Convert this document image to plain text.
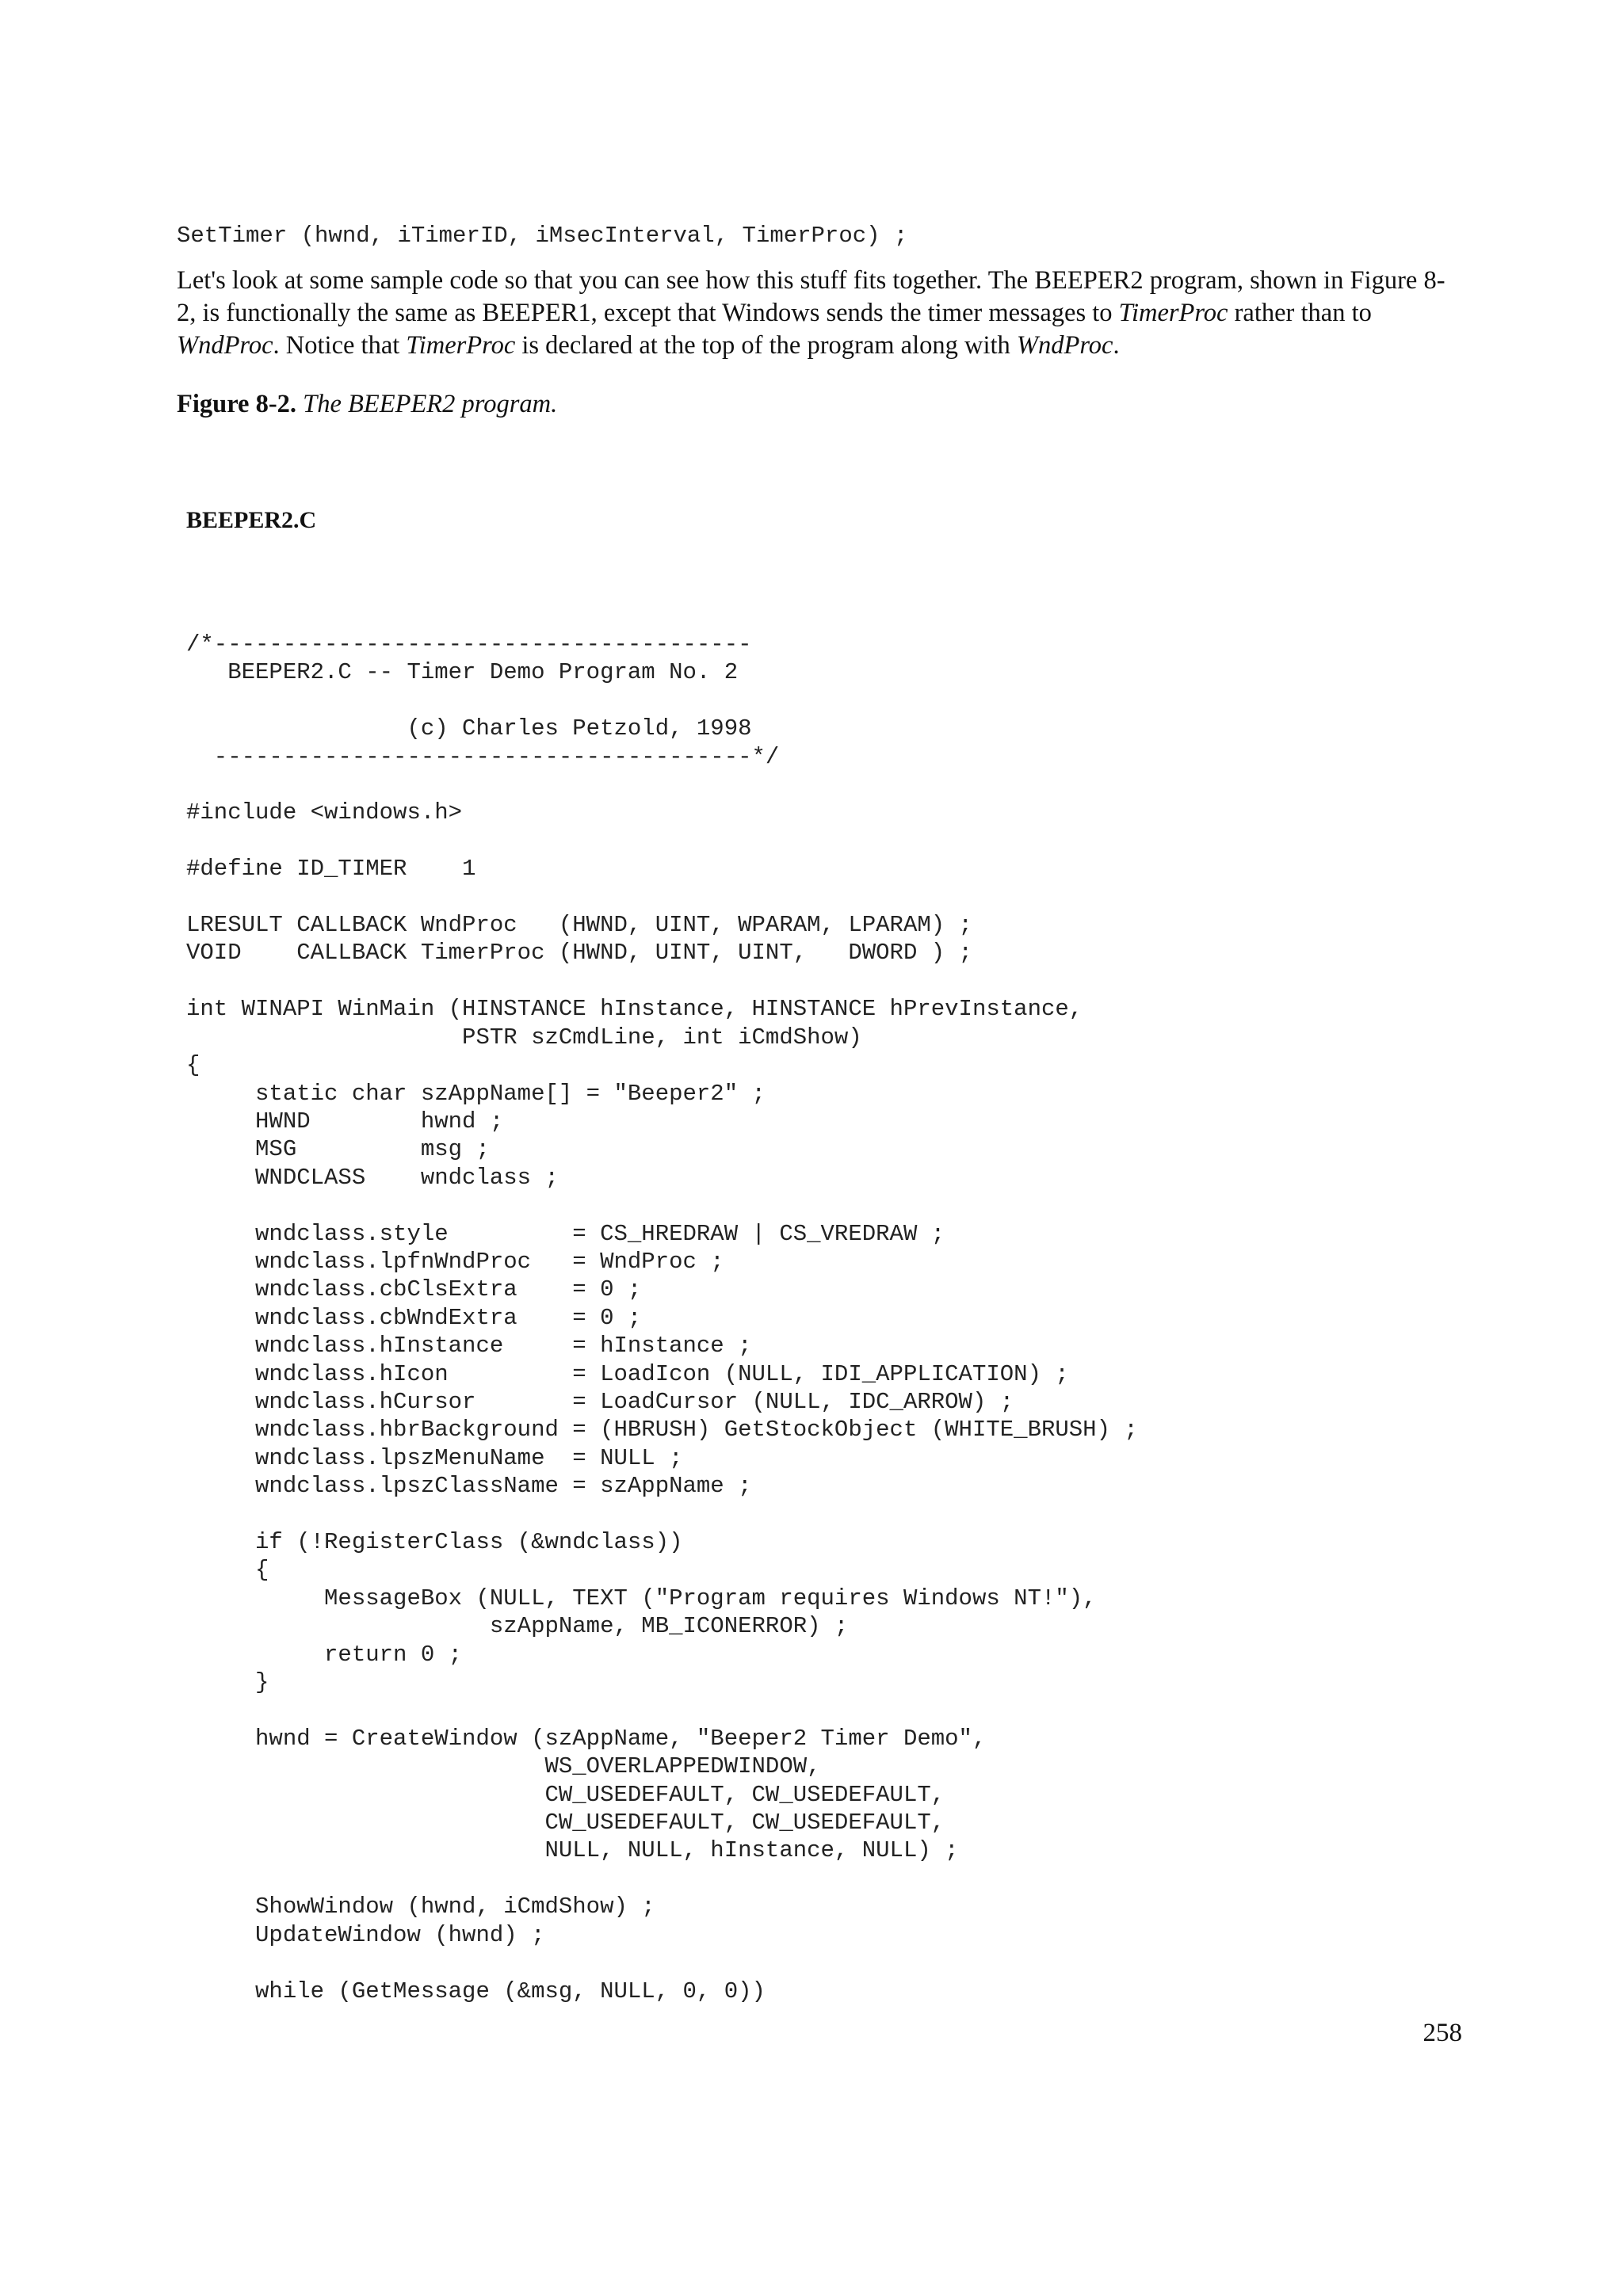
SetTimer (hwnd, iTimerID, iMsecInterval, TimerProc) ;

Let's look at some sample code so that you can see how this stuff fits together. The BEEPER2 program, shown in Figure 8-2, is functionally the same as BEEPER1, except that Windows sends the timer messages to TimerProc rather than to WndProc. Notice that TimerProc is declared at the top of the program along with WndProc.

Figure 8-2. The BEEPER2 program.

BEEPER2.C

/*---------------------------------------
BEEPER2.C -- Timer Demo Program No. 2

(c) Charles Petzold, 1998
---------------------------------------*/

#include <windows.h>

#define ID_TIMER    1

LRESULT CALLBACK WndProc   (HWND, UINT, WPARAM, LPARAM) ;
VOID    CALLBACK TimerProc (HWND, UINT, UINT,   DWORD ) ;

int WINAPI WinMain (HINSTANCE hInstance, HINSTANCE hPrevInstance,
PSTR szCmdLine, int iCmdShow)
{
static char szAppName[] = "Beeper2" ;
HWND        hwnd ;
MSG         msg ;
WNDCLASS    wndclass ;

wndclass.style         = CS_HREDRAW | CS_VREDRAW ;
wndclass.lpfnWndProc   = WndProc ;
wndclass.cbClsExtra    = 0 ;
wndclass.cbWndExtra    = 0 ;
wndclass.hInstance     = hInstance ;
wndclass.hIcon         = LoadIcon (NULL, IDI_APPLICATION) ;
wndclass.hCursor       = LoadCursor (NULL, IDC_ARROW) ;
wndclass.hbrBackground = (HBRUSH) GetStockObject (WHITE_BRUSH) ;
wndclass.lpszMenuName  = NULL ;
wndclass.lpszClassName = szAppName ;

if (!RegisterClass (&wndclass))
{
MessageBox (NULL, TEXT ("Program requires Windows NT!"),
szAppName, MB_ICONERROR) ;
return 0 ;
}

hwnd = CreateWindow (szAppName, "Beeper2 Timer Demo",
WS_OVERLAPPEDWINDOW,
CW_USEDEFAULT, CW_USEDEFAULT,
CW_USEDEFAULT, CW_USEDEFAULT,
NULL, NULL, hInstance, NULL) ;

ShowWindow (hwnd, iCmdShow) ;
UpdateWindow (hwnd) ;

while (GetMessage (&msg, NULL, 0, 0))

258
